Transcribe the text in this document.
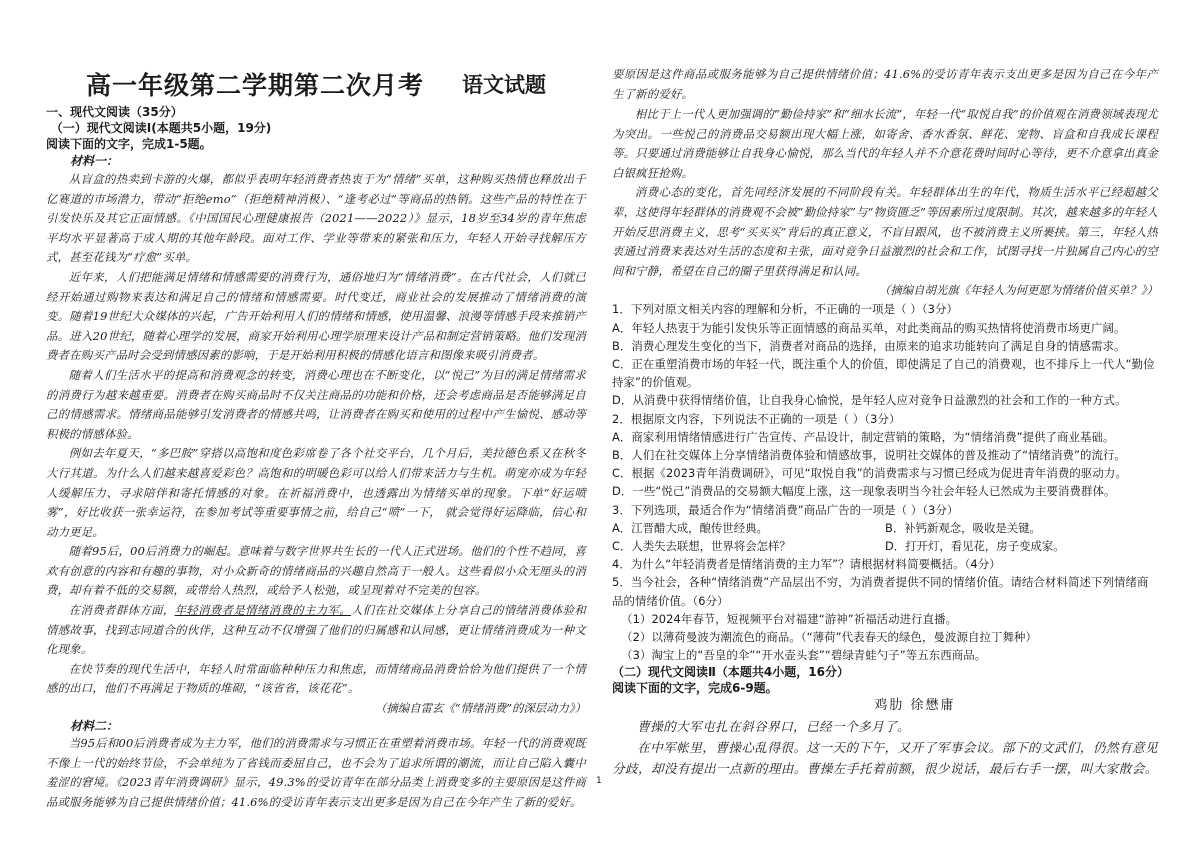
高一年级第二学期第二次月考 语文试题

一、现代文阅读（35分）

（一）现代文阅读Ⅰ(本题共5小题，19分)

阅读下面的文字，完成1-5题。

材料一：

从盲盒的热卖到卡游的火爆，都似乎表明年轻消费者热衷于为“情绪”买单，这种购买热情也释放出千亿赛道的市场潜力，带动“拒绝emo”（拒绝精神消极）、“逢考必过”等商品的热销。这些产品的特性在于引发快乐及其它正面情感。《中国国民心理健康报告（2021——2022）》显示，18岁至34岁的青年焦虑平均水平显著高于成人期的其他年龄段。面对工作、学业等带来的紧张和压力，年轻人开始寻找解压方式，甚至花钱为“疗愈”买单。

近年来，人们把能满足情绪和情感需要的消费行为，通俗地归为“情绪消费”。在古代社会，人们就已经开始通过购物来表达和满足自己的情绪和情感需要。时代变迁，商业社会的发展推动了情绪消费的演变。随着19世纪大众媒体的兴起，广告开始利用人们的情绪和情感，使用温馨、浪漫等情感手段来推销产品。进入20世纪，随着心理学的发展，商家开始利用心理学原理来设计产品和制定营销策略。他们发现消费者在购买产品时会受到情感因素的影响，于是开始利用积极的情感化语言和图像来吸引消费者。

随着人们生活水平的提高和消费观念的转变，消费心理也在不断变化，以“悦己”为目的满足情绪需求的消费行为越来越重要。消费者在购买商品时不仅关注商品的功能和价格，还会考虑商品是否能够满足自己的情感需求。情绪商品能够引发消费者的情感共鸣，让消费者在购买和使用的过程中产生愉悦、感动等积极的情感体验。

例如去年夏天，“多巴胺”穿搭以高饱和度色彩席卷了各个社交平台，几个月后，美拉德色系又在秋冬大行其道。为什么人们越来越喜爱彩色？高饱和的明暖色彩可以给人们带来活力与生机。萌宠亦成为年轻人缓解压力、寻求陪伴和寄托情感的对象。在祈福消费中，也透露出为情绪买单的现象。下单“好运喷雾”，好比收获一张幸运符，在参加考试等重要事情之前，给自己“喷”一下， 就会觉得好运降临，信心和动力更足。

随着95后，00后消费力的崛起。意味着与数字世界共生长的一代人正式进场。他们的个性不趋同，喜欢有创意的内容和有趣的事物，对小众新奇的情绪商品的兴趣自然高于一般人。这些看似小众无厘头的消费，却有着不低的交易额，或带给人热烈，或给予人松弛，或呈现着对不完美的包容。

在消费者群体方面，年轻消费者是情绪消费的主力军。人们在社交媒体上分享自己的情绪消费体验和情感故事，找到志同道合的伙伴，这种互动不仅增强了他们的归属感和认同感，更让情绪消费成为一种文化现象。

在快节奏的现代生活中，年轻人时常面临种种压力和焦虑，而情绪商品消费恰恰为他们提供了一个情感的出口，他们不再满足于物质的堆砌，“该省省，该花花”。

（摘编自雷玄《“情绪消费”的深层动力》）

材料二：

当95后和00后消费者成为主力军，他们的消费需求与习惯正在重塑着消费市场。年轻一代的消费观既不像上一代的始终节俭，不会单纯为了省钱而委屈自己，也不会为了追求所谓的潮流，而让自己陷入囊中羞涩的窘境。《2023青年消费调研》显示，49.3%的受访青年在部分品类上消费变多的主要原因是这件商品或服务能够为自己提供情绪价值；41.6%的受访青年表示支出更多是因为自己在今年产生了新的爱好。

要原因是这件商品或服务能够为自己提供情绪价值；41.6%的受访青年表示支出更多是因为自己在今年产生了新的爱好。

相比于上一代人更加强调的“勤俭持家”和“细水长流”，年轻一代“取悦自我”的价值观在消费领域表现尤为突出。一些悦己的消费品交易额出现大幅上涨，如寄舍、香水香氛、鲜花、宠物、盲盒和自我成长课程等。只要通过消费能够让自我身心愉悦，那么当代的年轻人并不介意花费时间时心等待，更不介意拿出真金白银疯狂抢购。

消费心态的变化，首先同经济发展的不同阶段有关。年轻群体出生的年代，物质生活水平已经超越父辈，这使得年轻群体的消费观不会被“勤俭持家”与“物资匮乏”等因素所过度限制。其次，越来越多的年轻人开始反思消费主义，思考“买买买”背后的真正意义，不盲目跟风，也不被消费主义所裹挟。第三，年轻人热衷通过消费来表达对生活的态度和主张，面对竞争日益激烈的社会和工作，试图寻找一片独属自己内心的空间和宁静，希望在自己的圈子里获得满足和认同。

（摘编自胡光旗《年轻人为何更愿为情绪价值买单？》）

1．下列对原文相关内容的理解和分析，不正确的一项是（ ）（3分）

A．年轻人热衷于为能引发快乐等正面情感的商品买单，对此类商品的购买热情将使消费市场更广阔。

B．消费心理发生变化的当下，消费者对商品的选择，由原来的追求功能转向了满足自身的情感需求。

C．正在重塑消费市场的年轻一代，既注重个人的价值，即使满足了自己的消费观，也不排斥上一代人“勤俭持家”的价值观。

D．从消费中获得情绪价值，让自我身心愉悦，是年轻人应对竞争日益激烈的社会和工作的一种方式。

2．根据原文内容，下列说法不正确的一项是（ ）（3分）

A．商家利用情绪情感进行广告宣传、产品设计，制定营销的策略，为“情绪消费”提供了商业基础。

B．人们在社交媒体上分享情绪消费体验和情感故事，说明社交媒体的普及推动了“情绪消费”的流行。

C．根据《2023青年消费调研》，可见“取悦自我”的消费需求与习惯已经成为促进青年消费的驱动力。

D．一些“悦己”消费品的交易额大幅度上涨，这一现象表明当今社会年轻人已然成为主要消费群体。

3．下列选项，最适合作为“情绪消费”商品广告的一项是（ ）（3分）

A．江晋醋大成，酿传世经典。	B．补钙新观念，吸收是关键。
C．人类失去联想，世界将会怎样？	D．打开灯，看见花，房子变成家。

4．为什么“年轻消费者是情绪消费的主力军”？请根据材料简要概括。（4分）

5．当今社会，各种“情绪消费”产品层出不穷，为消费者提供不同的情绪价值。请结合材料简述下列情绪商品的情绪价值。（6分）

（1）2024年春节，短视频平台对福建“游神”祈福活动进行直播。

（2）以薄荷曼波为潮流色的商品。（“薄荷”代表春天的绿色，曼波源自拉丁舞种）

（3）淘宝上的“吾皇的伞”“开水壶头套”“碧绿青蛙勺子”等五东西商品。

（二）现代文阅读Ⅱ（本题共4小题，16分）

阅读下面的文字，完成6-9题。

鸡肋 徐懋庸

曹操的大军屯扎在斜谷界口，已经一个多月了。

在中军帐里，曹操心乱得很。这一天的下午，又开了军事会议。部下的文武们，仍然有意见分歧，却没有提出一点新的理由。曹操左手托着前额，很少说话，最后右手一摆，叫大家散会。

1
